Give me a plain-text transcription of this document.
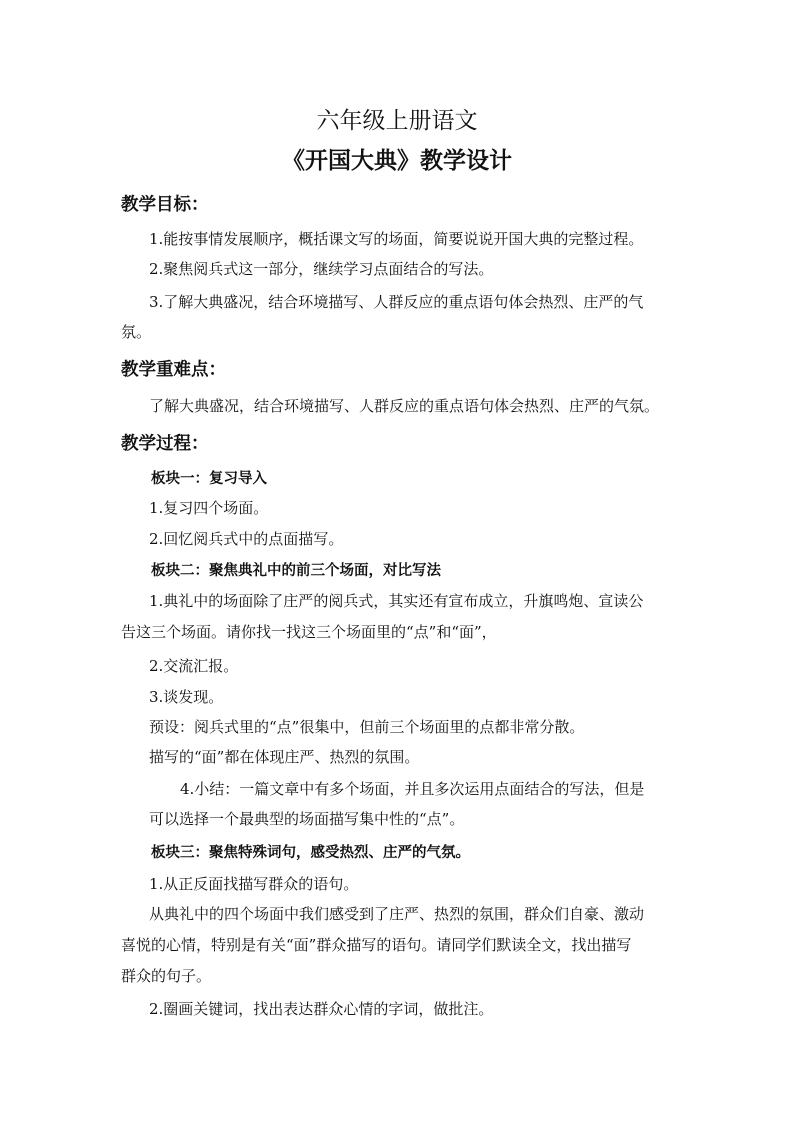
六年级上册语文
《开国大典》教学设计
教学目标：
1.能按事情发展顺序，概括课文写的场面，简要说说开国大典的完整过程。
2.聚焦阅兵式这一部分，继续学习点面结合的写法。
3.了解大典盛况，结合环境描写、人群反应的重点语句体会热烈、庄严的气
氛。
教学重难点：
了解大典盛况，结合环境描写、人群反应的重点语句体会热烈、庄严的气氛。
教学过程：
板块一：复习导入
1.复习四个场面。
2.回忆阅兵式中的点面描写。
板块二：聚焦典礼中的前三个场面，对比写法
1.典礼中的场面除了庄严的阅兵式，其实还有宣布成立，升旗鸣炮、宣读公
告这三个场面。请你找一找这三个场面里的“点”和“面”，
2.交流汇报。
3.谈发现。
预设：阅兵式里的“点”很集中，但前三个场面里的点都非常分散。
描写的“面”都在体现庄严、热烈的氛围。
4.小结：一篇文章中有多个场面，并且多次运用点面结合的写法，但是
可以选择一个最典型的场面描写集中性的“点”。
板块三：聚焦特殊词句，感受热烈、庄严的气氛。
1.从正反面找描写群众的语句。
从典礼中的四个场面中我们感受到了庄严、热烈的氛围，群众们自豪、激动
喜悦的心情，特别是有关“面”群众描写的语句。请同学们默读全文，找出描写
群众的句子。
2.圈画关键词，找出表达群众心情的字词，做批注。
